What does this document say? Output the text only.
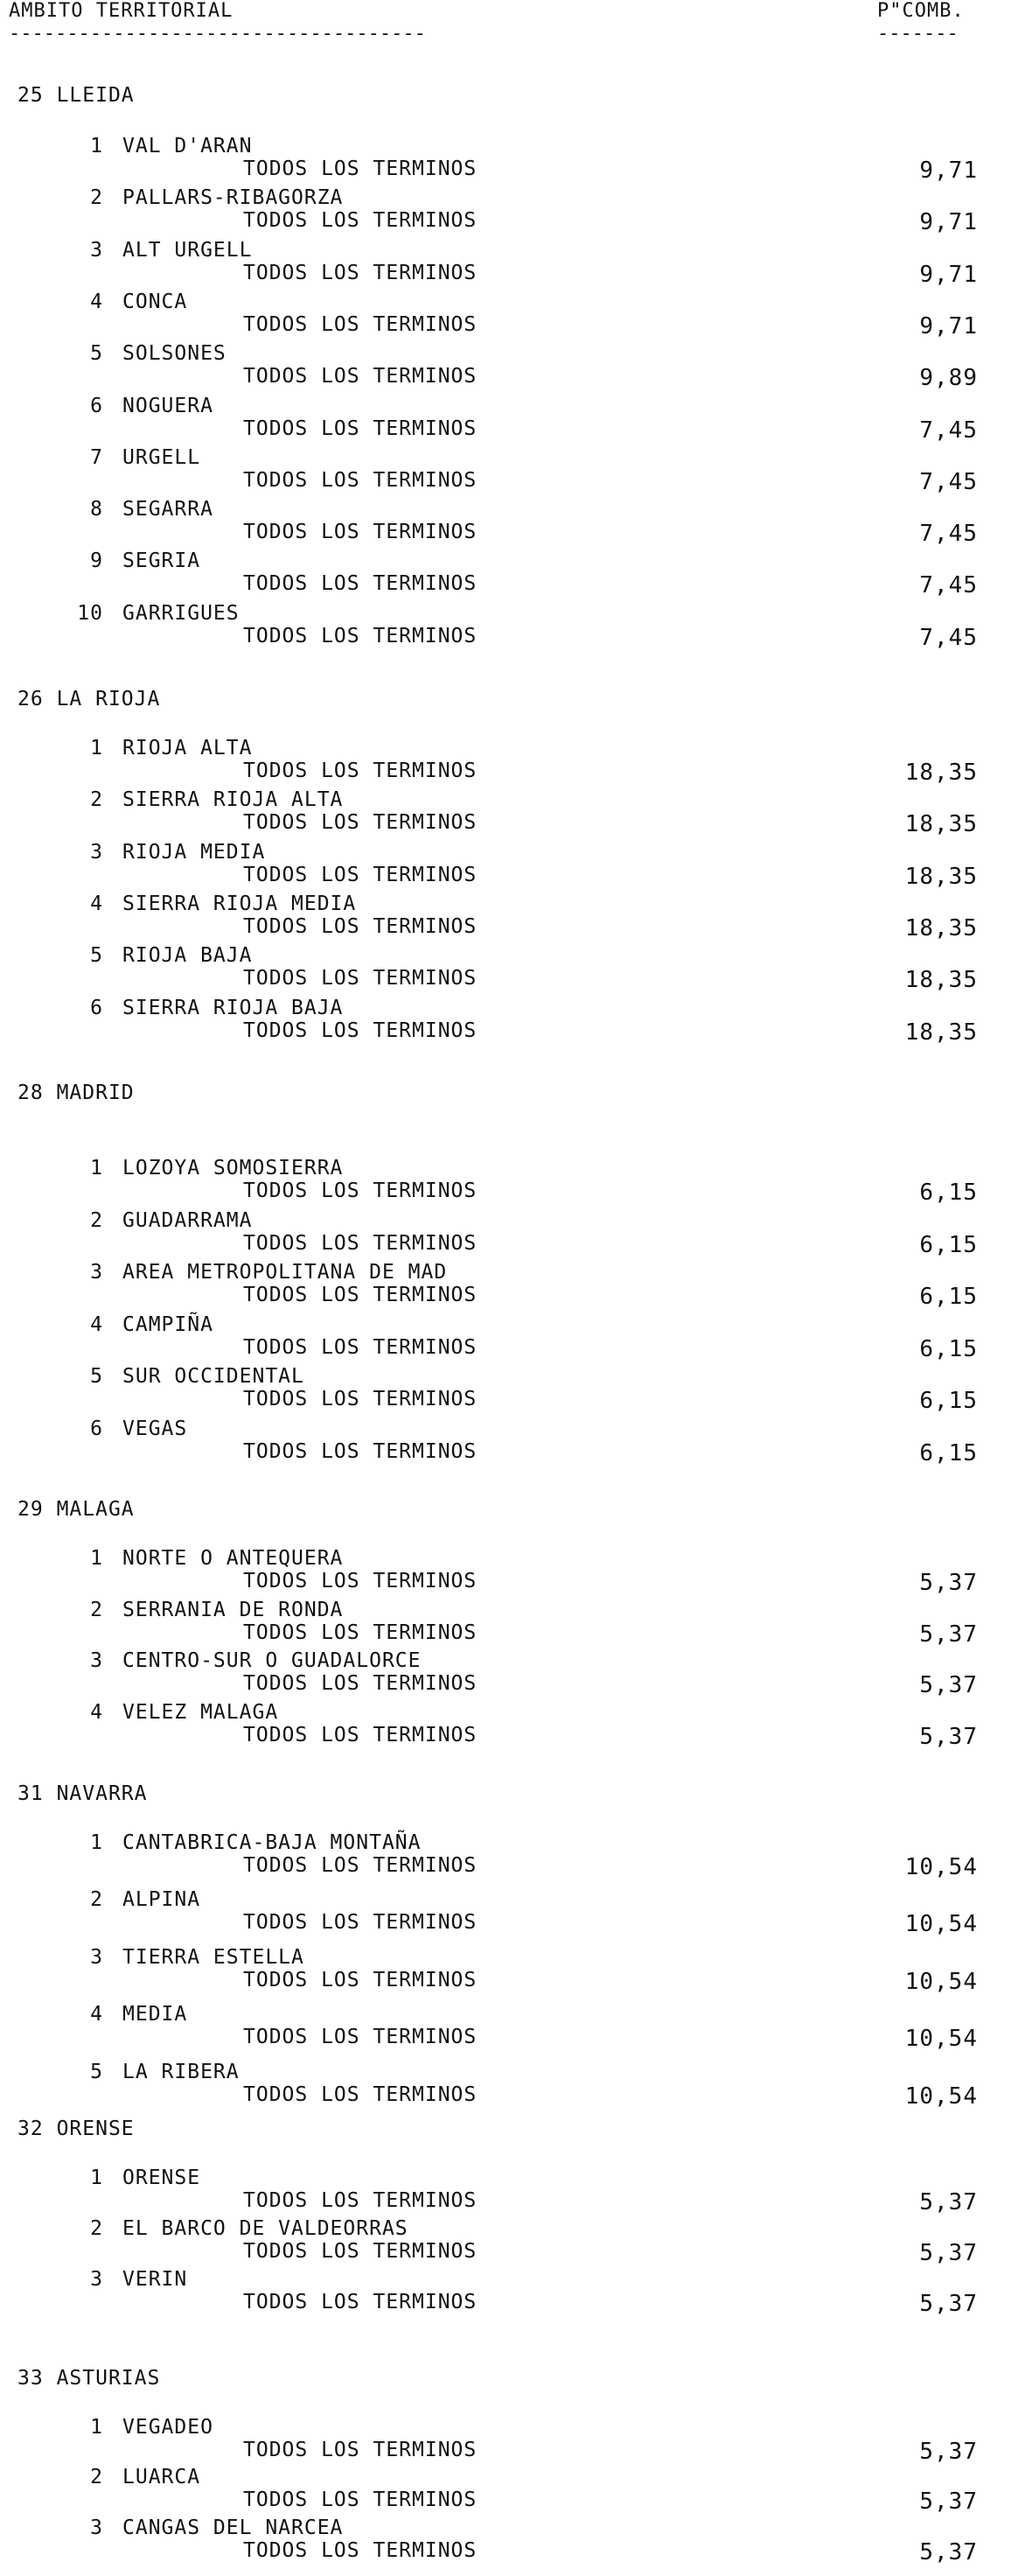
AMBITO TERRITORIAL
------------------------------------
P"COMB.
-------
25 LLEIDA
1 VAL D'ARAN
TODOS LOS TERMINOS	9,71
2 PALLARS-RIBAGORZA
TODOS LOS TERMINOS	9,71
3 ALT URGELL
TODOS LOS TERMINOS	9,71
4 CONCA
TODOS LOS TERMINOS	9,71
5 SOLSONES
TODOS LOS TERMINOS	9,89
6 NOGUERA
TODOS LOS TERMINOS	7,45
7 URGELL
TODOS LOS TERMINOS	7,45
8 SEGARRA
TODOS LOS TERMINOS	7,45
9 SEGRIA
TODOS LOS TERMINOS	7,45
10 GARRIGUES
TODOS LOS TERMINOS	7,45
26 LA RIOJA
1 RIOJA ALTA
TODOS LOS TERMINOS	18,35
2 SIERRA RIOJA ALTA
TODOS LOS TERMINOS	18,35
3 RIOJA MEDIA
TODOS LOS TERMINOS	18,35
4 SIERRA RIOJA MEDIA
TODOS LOS TERMINOS	18,35
5 RIOJA BAJA
TODOS LOS TERMINOS	18,35
6 SIERRA RIOJA BAJA
TODOS LOS TERMINOS	18,35
28 MADRID
1 LOZOYA SOMOSIERRA
TODOS LOS TERMINOS	6,15
2 GUADARRAMA
TODOS LOS TERMINOS	6,15
3 AREA METROPOLITANA DE MAD
TODOS LOS TERMINOS	6,15
4 CAMPIÑA
TODOS LOS TERMINOS	6,15
5 SUR OCCIDENTAL
TODOS LOS TERMINOS	6,15
6 VEGAS
TODOS LOS TERMINOS	6,15
29 MALAGA
1 NORTE O ANTEQUERA
TODOS LOS TERMINOS	5,37
2 SERRANIA DE RONDA
TODOS LOS TERMINOS	5,37
3 CENTRO-SUR O GUADALORCE
TODOS LOS TERMINOS	5,37
4 VELEZ MALAGA
TODOS LOS TERMINOS	5,37
31 NAVARRA
1 CANTABRICA-BAJA MONTAÑA
TODOS LOS TERMINOS	10,54
2 ALPINA
TODOS LOS TERMINOS	10,54
3 TIERRA ESTELLA
TODOS LOS TERMINOS	10,54
4 MEDIA
TODOS LOS TERMINOS	10,54
5 LA RIBERA
TODOS LOS TERMINOS	10,54
32 ORENSE
1 ORENSE
TODOS LOS TERMINOS	5,37
2 EL BARCO DE VALDEORRAS
TODOS LOS TERMINOS	5,37
3 VERIN
TODOS LOS TERMINOS	5,37
33 ASTURIAS
1 VEGADEO
TODOS LOS TERMINOS	5,37
2 LUARCA
TODOS LOS TERMINOS	5,37
3 CANGAS DEL NARCEA
TODOS LOS TERMINOS	5,37
